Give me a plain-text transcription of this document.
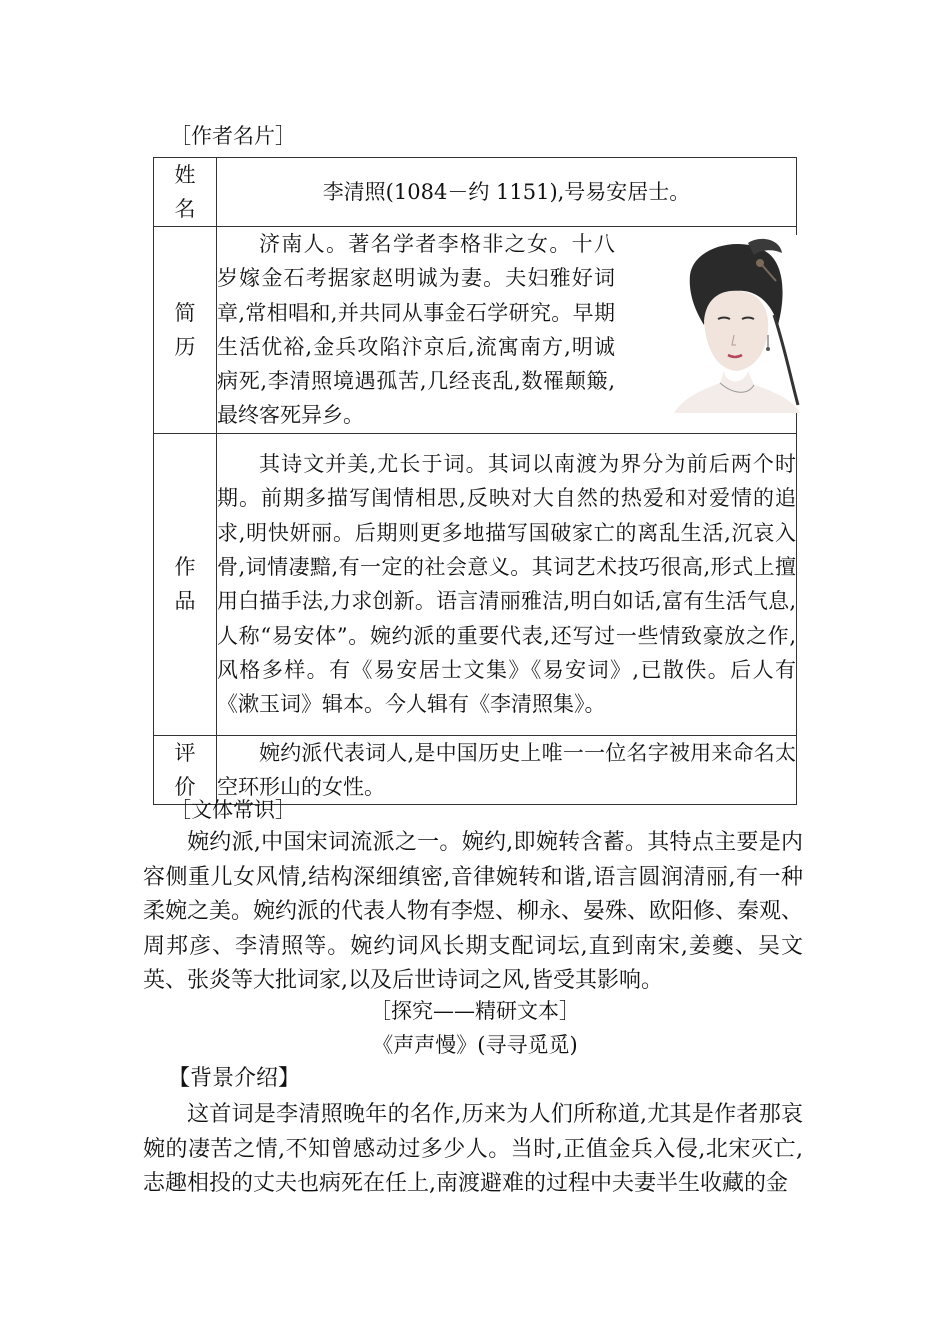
［作者名片］
姓
名	李清照(1084－约 1151),号易安居士。

简
历	济南人。著名学者李格非之女。十八岁嫁金石考据家赵明诚为妻。夫妇雅好词章,常相唱和,并共同从事金石学研究。早期生活优裕,金兵攻陷汴京后,流寓南方,明诚病死,李清照境遇孤苦,几经丧乱,数罹颠簸,最终客死异乡。

作
品	其诗文并美,尤长于词。其词以南渡为界分为前后两个时期。前期多描写闺情相思,反映对大自然的热爱和对爱情的追求,明快妍丽。后期则更多地描写国破家亡的离乱生活,沉哀入骨,词情凄黯,有一定的社会意义。其词艺术技巧很高,形式上擅用白描手法,力求创新。语言清丽雅洁,明白如话,富有生活气息,人称“易安体”。婉约派的重要代表,还写过一些情致豪放之作,风格多样。有《易安居士文集》《易安词》,已散佚。后人有《漱玉词》辑本。今人辑有《李清照集》。

评
价	婉约派代表词人,是中国历史上唯一一位名字被用来命名太空环形山的女性。
［文体常识］

婉约派,中国宋词流派之一。婉约,即婉转含蓄。其特点主要是内容侧重儿女风情,结构深细缜密,音律婉转和谐,语言圆润清丽,有一种柔婉之美。婉约派的代表人物有李煜、柳永、晏殊、欧阳修、秦观、周邦彦、李清照等。婉约词风长期支配词坛,直到南宋,姜夔、吴文英、张炎等大批词家,以及后世诗词之风,皆受其影响。

［探究——精研文本］
《声声慢》(寻寻觅觅)
【背景介绍】

这首词是李清照晚年的名作,历来为人们所称道,尤其是作者那哀婉的凄苦之情,不知曾感动过多少人。当时,正值金兵入侵,北宋灭亡,志趣相投的丈夫也病死在任上,南渡避难的过程中夫妻半生收藏的金
